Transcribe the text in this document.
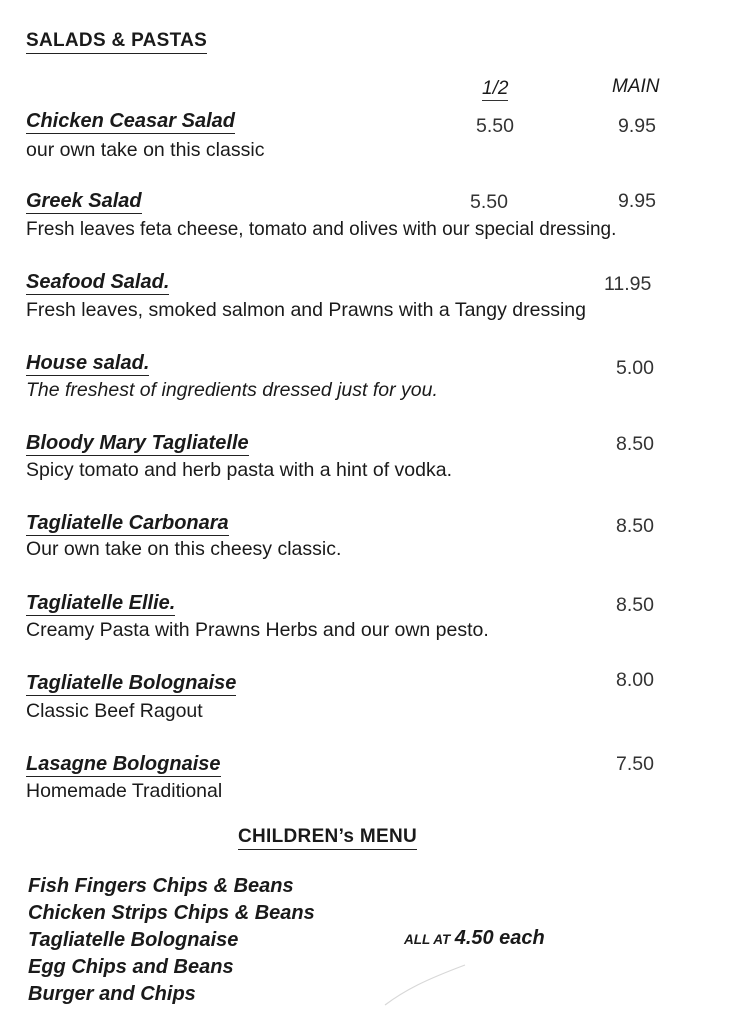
SALADS & PASTAS
1/2	MAIN
Chicken Ceasar Salad	5.50	9.95
our own take on this classic
Greek Salad	5.50	9.95
Fresh leaves feta cheese, tomato and olives with our special dressing.
Seafood Salad.	11.95
Fresh leaves, smoked salmon and Prawns with a Tangy dressing
House salad.	5.00
The freshest of ingredients dressed just for you.
Bloody Mary Tagliatelle	8.50
Spicy tomato and herb pasta with a hint of vodka.
Tagliatelle Carbonara	8.50
Our own take on this cheesy classic.
Tagliatelle Ellie.	8.50
Creamy Pasta with Prawns Herbs and our own pesto.
Tagliatelle Bolognaise	8.00
Classic Beef Ragout
Lasagne Bolognaise	7.50
Homemade Traditional
CHILDREN’s MENU
Fish Fingers Chips & Beans
Chicken Strips Chips & Beans
Tagliatelle Bolognaise
Egg Chips and Beans
Burger and Chips
ALL AT 4.50 each
